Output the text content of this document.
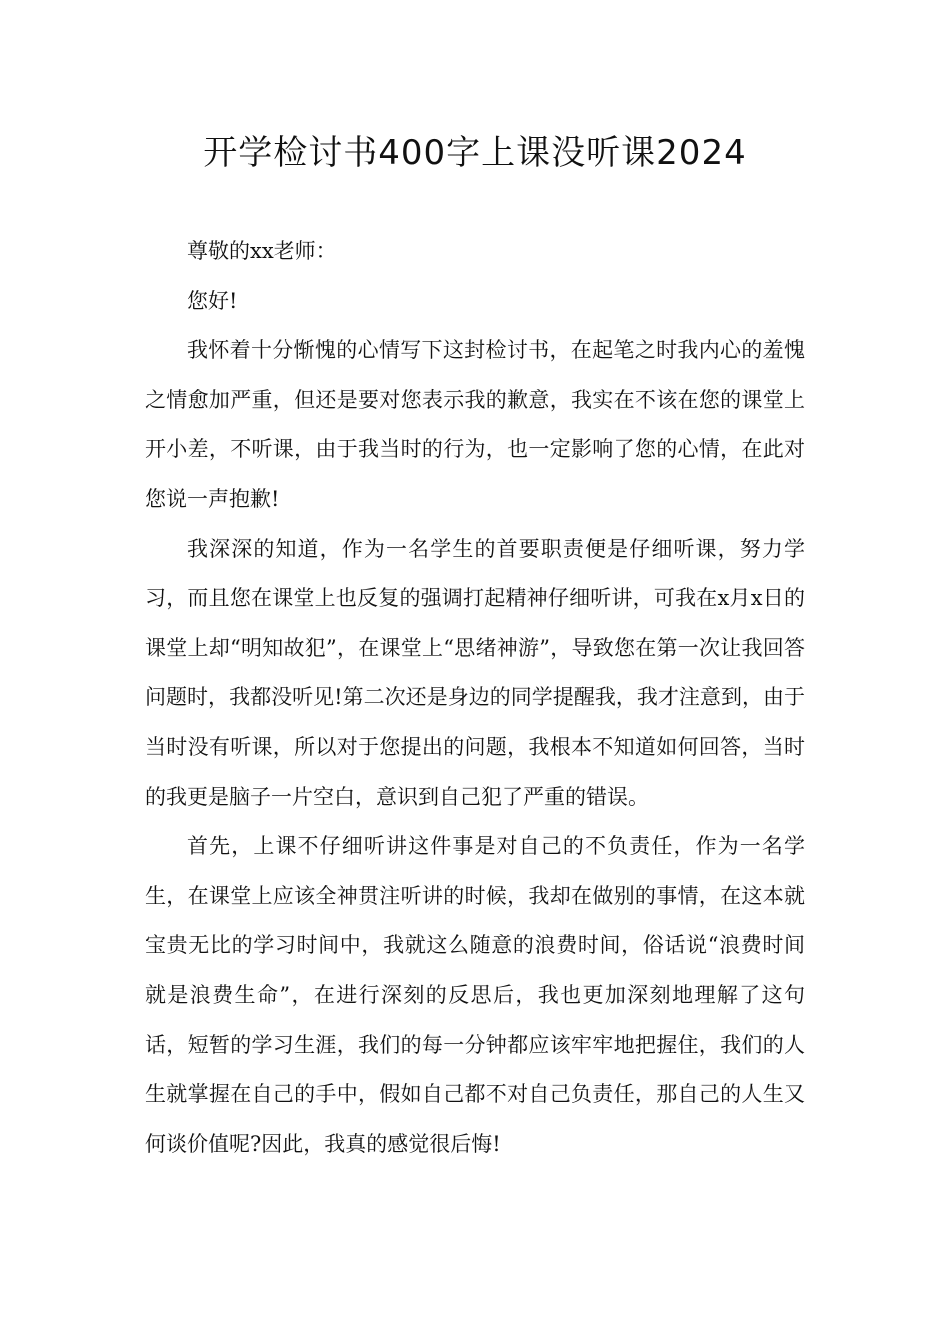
开学检讨书400字上课没听课2024

尊敬的xx老师：

您好!

我怀着十分惭愧的心情写下这封检讨书，在起笔之时我内心的羞愧之情愈加严重，但还是要对您表示我的歉意，我实在不该在您的课堂上开小差，不听课，由于我当时的行为，也一定影响了您的心情，在此对您说一声抱歉!

我深深的知道，作为一名学生的首要职责便是仔细听课，努力学习，而且您在课堂上也反复的强调打起精神仔细听讲，可我在x月x日的课堂上却“明知故犯”，在课堂上“思绪神游”，导致您在第一次让我回答问题时，我都没听见!第二次还是身边的同学提醒我，我才注意到，由于当时没有听课，所以对于您提出的问题，我根本不知道如何回答，当时的我更是脑子一片空白，意识到自己犯了严重的错误。

首先，上课不仔细听讲这件事是对自己的不负责任，作为一名学生，在课堂上应该全神贯注听讲的时候，我却在做别的事情，在这本就宝贵无比的学习时间中，我就这么随意的浪费时间，俗话说“浪费时间就是浪费生命”，在进行深刻的反思后，我也更加深刻地理解了这句话，短暂的学习生涯，我们的每一分钟都应该牢牢地把握住，我们的人生就掌握在自己的手中，假如自己都不对自己负责任，那自己的人生又何谈价值呢?因此，我真的感觉很后悔!
